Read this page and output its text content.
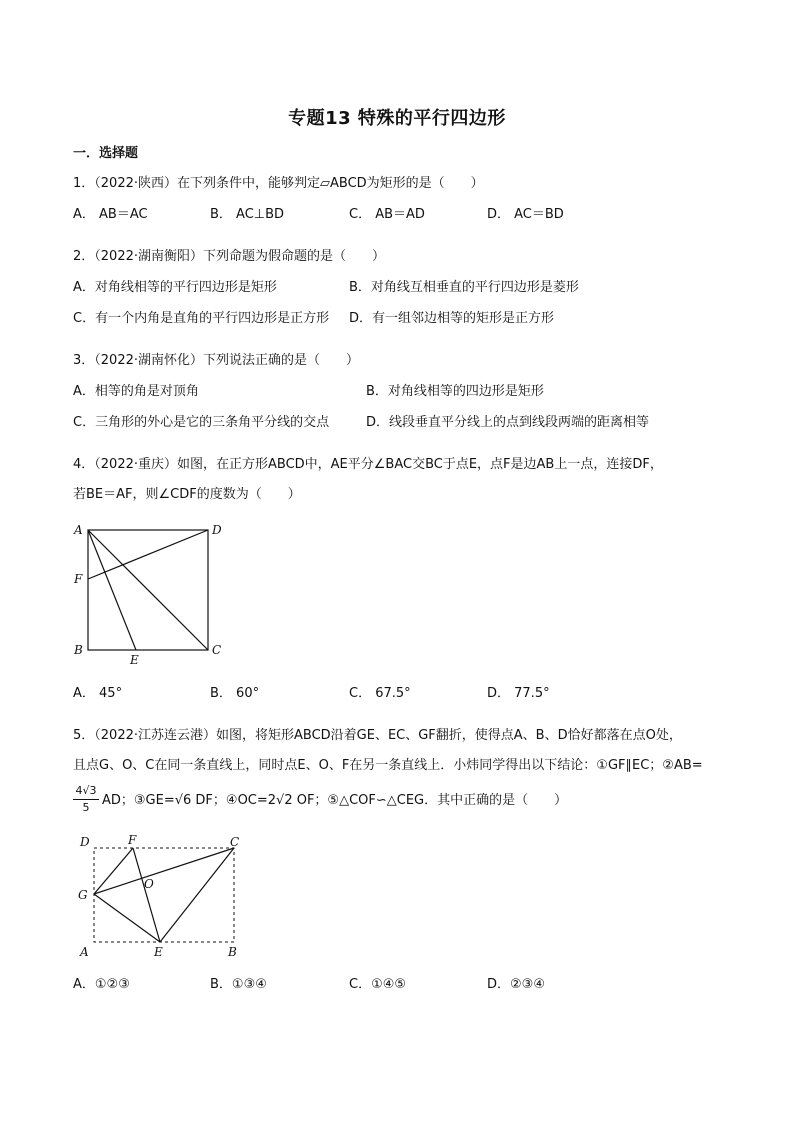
专题13 特殊的平行四边形
一．选择题
1．（2022·陕西）在下列条件中，能够判定▱ABCD为矩形的是（　　）
A． AB＝AC	B． AC⊥BD	C． AB＝AD	D． AC＝BD
2．（2022·湖南衡阳）下列命题为假命题的是（　　）
A．对角线相等的平行四边形是矩形	B．对角线互相垂直的平行四边形是菱形
C．有一个内角是直角的平行四边形是正方形 D．有一组邻边相等的矩形是正方形
3．（2022·湖南怀化）下列说法正确的是（　　）
A．相等的角是对顶角	B．对角线相等的四边形是矩形
C．三角形的外心是它的三条角平分线的交点	D．线段垂直平分线上的点到线段两端的距离相等
4．（2022·重庆）如图，在正方形ABCD中，AE平分∠BAC交BC于点E，点F是边AB上一点，连接DF，
若BE＝AF，则∠CDF的度数为（　　）
A	D
F
B	C
E
A． 45°	B． 60°	C． 67.5°	D． 77.5°
5．（2022·江苏连云港）如图，将矩形ABCD沿着GE、EC、GF翻折，使得点A、B、D恰好都落在点O处，
且点G、O、C在同一条直线上，同时点E、O、F在另一条直线上．小炜同学得出以下结论：①GF∥EC；②AB=
4√3
5 AD；③GE=√6 DF；④OC=2√2 OF；⑤△COF∽△CEG．其中正确的是（　　）
D	F	C
O
G
A	E	B
A．①②③	B．①③④	C．①④⑤	D．②③④
